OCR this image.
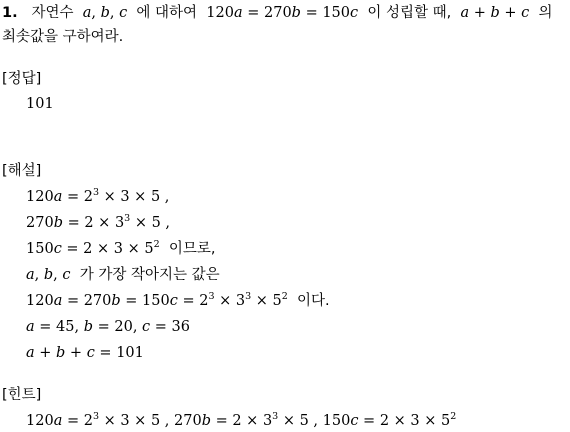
1. 자연수 a, b, c 에 대하여 120a = 270b = 150c 이 성립할 때, a + b + c 의
최솟값을 구하여라.
[정답]
101
[해설]
$120a = 2^3 \times 3 \times 5$ ,
$270b = 2 \times 3^3 \times 5$ ,
$150c = 2 \times 3 \times 5^2$ 이므로,
a, b, c 가 가장 작아지는 값은
$120a = 270b = 150c = 2^3 \times 3^3 \times 5^2$ 이다.
a = 45, b = 20, c = 36
a + b + c = 101
[힌트]
$120a = 2^3 \times 3 \times 5$ , $270b = 2 \times 3^3 \times 5$ , $150c = 2 \times 3 \times 5^2$
